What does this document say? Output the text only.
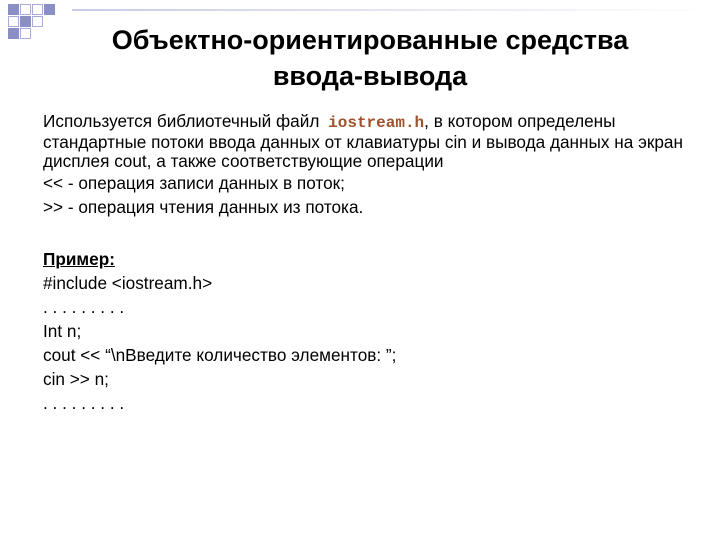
Объектно-ориентированные средства
ввода-вывода

Используется библиотечный файл iostream.h, в котором определены стандартные потоки ввода данных от клавиатуры cin и вывода данных на экран дисплея cout, а также соответствующие операции

<< - операция записи данных в поток;
>> - операция чтения данных из потока.
Пример:
#include <iostream.h>
. . . . . . . . .
Int n;
cout << “\nВведите количество элементов: ”;
cin >> n;
. . . . . . . . .
